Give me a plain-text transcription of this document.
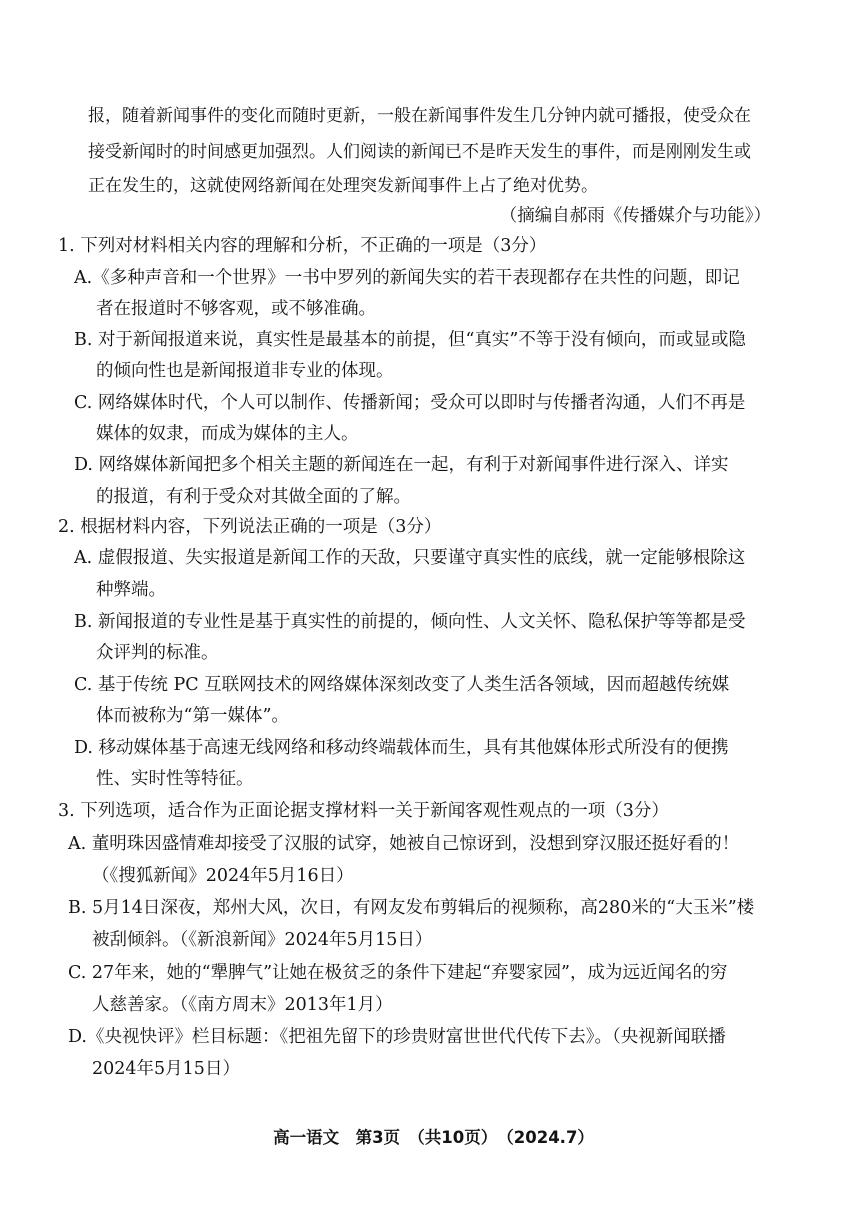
报，随着新闻事件的变化而随时更新，一般在新闻事件发生几分钟内就可播报，使受众在
接受新闻时的时间感更加强烈。人们阅读的新闻已不是昨天发生的事件，而是刚刚发生或
正在发生的，这就使网络新闻在处理突发新闻事件上占了绝对优势。
（摘编自郝雨《传播媒介与功能》）
1. 下列对材料相关内容的理解和分析，不正确的一项是（3分）
A.《多种声音和一个世界》一书中罗列的新闻失实的若干表现都存在共性的问题，即记
者在报道时不够客观，或不够准确。
B. 对于新闻报道来说，真实性是最基本的前提，但“真实”不等于没有倾向，而或显或隐
的倾向性也是新闻报道非专业的体现。
C. 网络媒体时代，个人可以制作、传播新闻；受众可以即时与传播者沟通，人们不再是
媒体的奴隶，而成为媒体的主人。
D. 网络媒体新闻把多个相关主题的新闻连在一起，有利于对新闻事件进行深入、详实
的报道，有利于受众对其做全面的了解。
2. 根据材料内容，下列说法正确的一项是（3分）
A. 虚假报道、失实报道是新闻工作的天敌，只要谨守真实性的底线，就一定能够根除这
种弊端。
B. 新闻报道的专业性是基于真实性的前提的，倾向性、人文关怀、隐私保护等等都是受
众评判的标准。
C. 基于传统 PC 互联网技术的网络媒体深刻改变了人类生活各领域，因而超越传统媒
体而被称为“第一媒体”。
D. 移动媒体基于高速无线网络和移动终端载体而生，具有其他媒体形式所没有的便携
性、实时性等特征。
3. 下列选项，适合作为正面论据支撑材料一关于新闻客观性观点的一项（3分）
A. 董明珠因盛情难却接受了汉服的试穿，她被自己惊讶到，没想到穿汉服还挺好看的！
（《搜狐新闻》2024年5月16日）
B. 5月14日深夜，郑州大风，次日，有网友发布剪辑后的视频称，高280米的“大玉米”楼
被刮倾斜。（《新浪新闻》2024年5月15日）
C. 27年来，她的“犟脾气”让她在极贫乏的条件下建起“弃婴家园”，成为远近闻名的穷
人慈善家。（《南方周末》2013年1月）
D.《央视快评》栏目标题：《把祖先留下的珍贵财富世世代代传下去》。（央视新闻联播
2024年5月15日）
高一语文　第3页　（共10页）　（2024.7）
